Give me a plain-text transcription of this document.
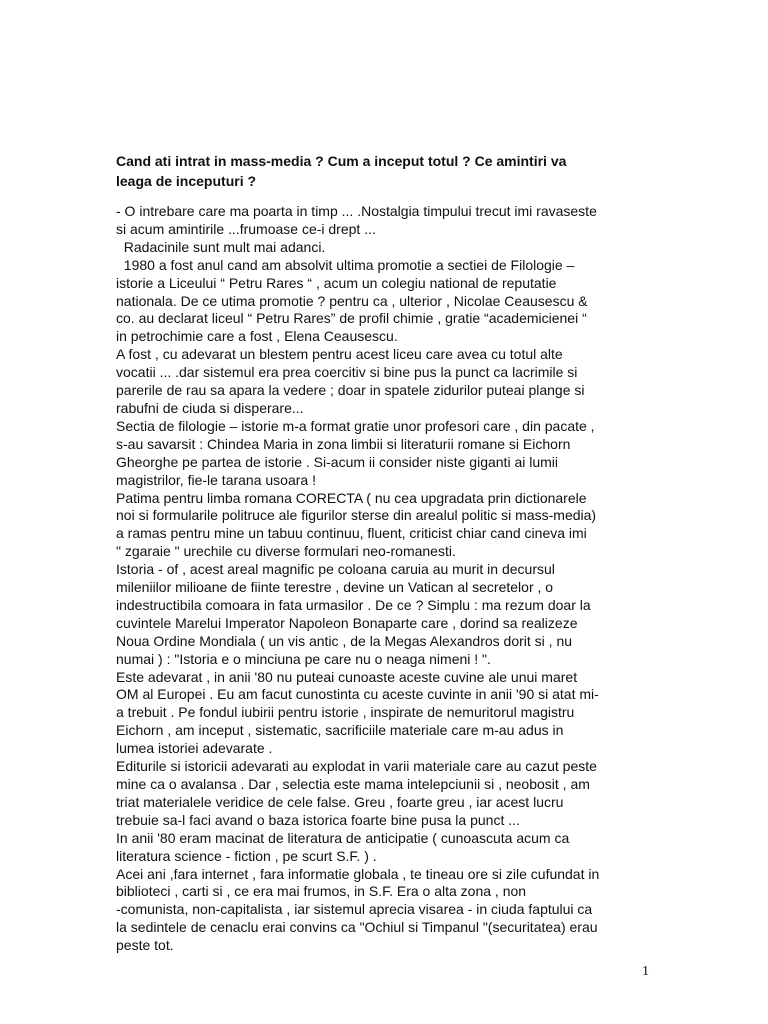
Cand ati intrat in mass-media ? Cum a inceput totul ? Ce amintiri va
leaga de inceputuri ?
- O intrebare care ma poarta in timp ... .Nostalgia timpului trecut imi ravaseste
si acum amintirile ...frumoase ce-i drept ...
Radacinile sunt mult mai adanci.
1980 a fost anul cand am absolvit ultima promotie a sectiei de Filologie –
istorie a Liceului “ Petru Rares “ , acum un colegiu national de reputatie
nationala. De ce utima promotie ? pentru ca , ulterior , Nicolae Ceausescu &
co. au declarat liceul “ Petru Rares” de profil chimie , gratie “academicienei “
in petrochimie care a fost , Elena Ceausescu.
A fost , cu adevarat un blestem pentru acest liceu care avea cu totul alte
vocatii ... .dar sistemul era prea coercitiv si bine pus la punct ca lacrimile si
parerile de rau sa apara la vedere ; doar in spatele zidurilor puteai plange si
rabufni de ciuda si disperare...
Sectia de filologie – istorie m-a format gratie unor profesori care , din pacate ,
s-au savarsit : Chindea Maria in zona limbii si literaturii romane si Eichorn
Gheorghe pe partea de istorie . Si-acum ii consider niste giganti ai lumii
magistrilor, fie-le tarana usoara !
Patima pentru limba romana CORECTA ( nu cea upgradata prin dictionarele
noi si formularile politruce ale figurilor sterse din arealul politic si mass-media)
a ramas pentru mine un tabuu continuu, fluent, criticist chiar cand cineva imi
" zgaraie " urechile cu diverse formulari neo-romanesti.
Istoria - of , acest areal magnific pe coloana caruia au murit in decursul
mileniilor milioane de fiinte terestre , devine un Vatican al secretelor , o
indestructibila comoara in fata urmasilor . De ce ? Simplu : ma rezum doar la
cuvintele Marelui Imperator Napoleon Bonaparte care , dorind sa realizeze
Noua Ordine Mondiala ( un vis antic , de la Megas Alexandros dorit si , nu
numai ) : "Istoria e o minciuna pe care nu o neaga nimeni ! ".
Este adevarat , in anii '80 nu puteai cunoaste aceste cuvine ale unui maret
OM al Europei . Eu am facut cunostinta cu aceste cuvinte in anii '90 si atat mi-
a trebuit . Pe fondul iubirii pentru istorie , inspirate de nemuritorul magistru
Eichorn , am inceput , sistematic, sacrificiile materiale care m-au adus in
lumea istoriei adevarate .
Editurile si istoricii adevarati au explodat in varii materiale care au cazut peste
mine ca o avalansa . Dar , selectia este mama intelepciunii si , neobosit , am
triat materialele veridice de cele false. Greu , foarte greu , iar acest lucru
trebuie sa-l faci avand o baza istorica foarte bine pusa la punct ...
In anii '80 eram macinat de literatura de anticipatie ( cunoascuta acum ca
literatura science - fiction , pe scurt S.F. ) .
Acei ani ,fara internet , fara informatie globala , te tineau ore si zile cufundat in
biblioteci , carti si , ce era mai frumos, in S.F. Era o alta zona , non
-comunista, non-capitalista , iar sistemul aprecia visarea - in ciuda faptului ca
la sedintele de cenaclu erai convins ca "Ochiul si Timpanul "(securitatea) erau
peste tot.
1
